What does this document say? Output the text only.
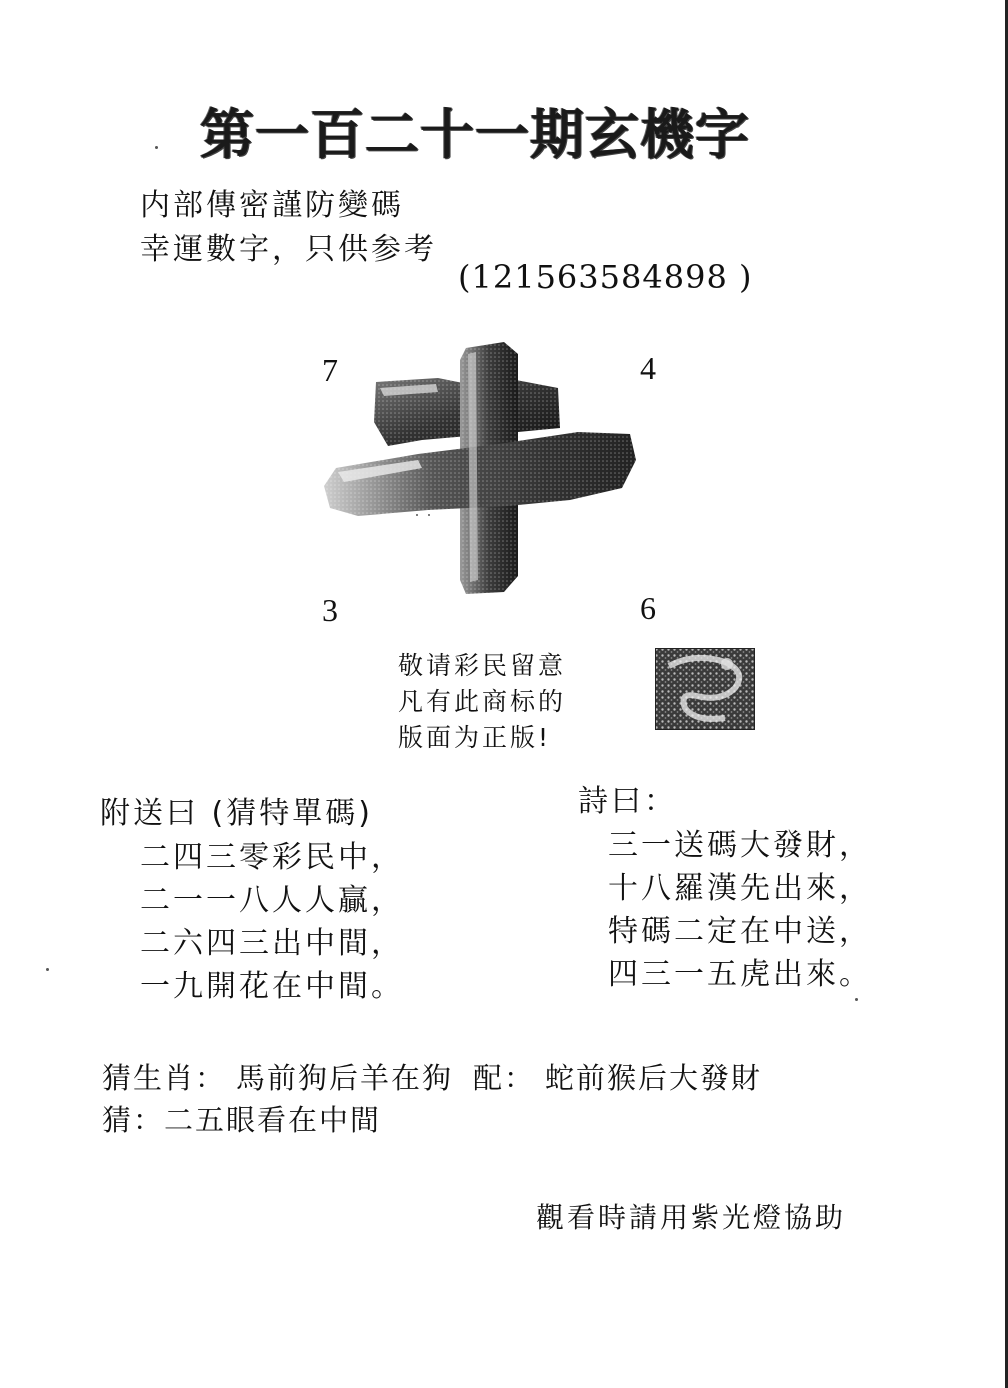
第一百二十一期玄機字
内部傳密謹防變碼
幸運數字，只供参考
(121563584898 )
7	4
3	6
敬请彩民留意
凡有此商标的
版面为正版!
附送曰 (猜特單碼)
二四三零彩民中，
二一一八人人贏，
二六四三出中間，
一九開花在中間。
詩曰：
三一送碼大發財，
十八羅漢先出來，
特碼二定在中送，
四三一五虎出來。
猜生肖： 馬前狗后羊在狗 配： 蛇前猴后大發財
猜：二五眼看在中間
觀看時請用紫光燈協助
